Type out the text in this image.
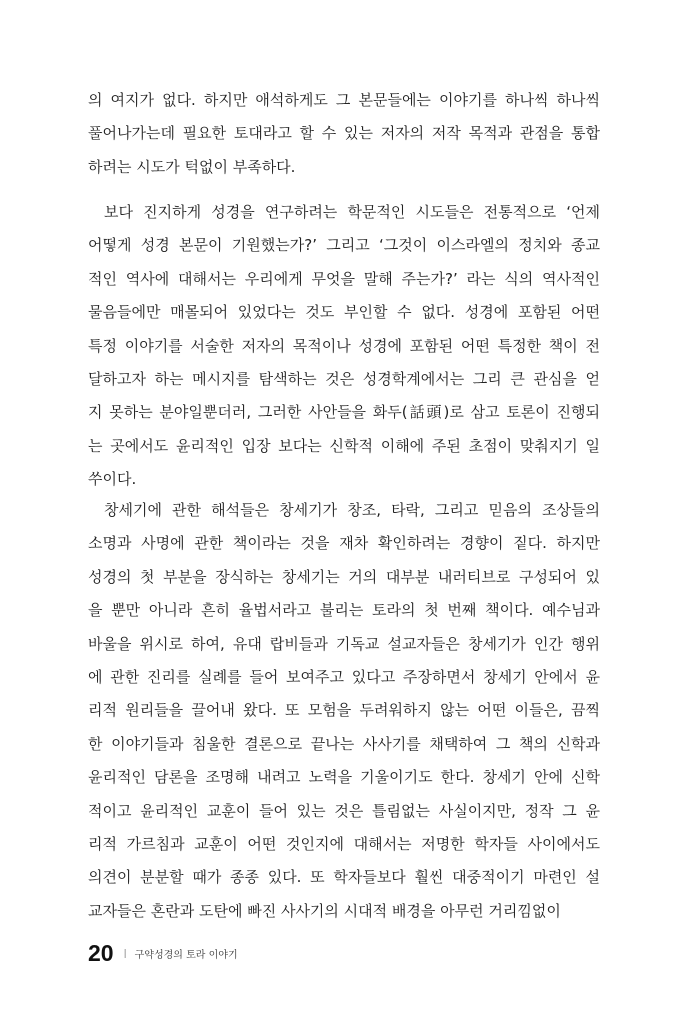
의 여지가 없다. 하지만 애석하게도 그 본문들에는 이야기를 하나씩 하나씩
풀어나가는데 필요한 토대라고 할 수 있는 저자의 저작 목적과 관점을 통합
하려는 시도가 턱없이 부족하다.
보다 진지하게 성경을 연구하려는 학문적인 시도들은 전통적으로 ‘언제
어떻게 성경 본문이 기원했는가?’ 그리고 ‘그것이 이스라엘의 정치와 종교
적인 역사에 대해서는 우리에게 무엇을 말해 주는가?’ 라는 식의 역사적인
물음들에만 매몰되어 있었다는 것도 부인할 수 없다. 성경에 포함된 어떤
특정 이야기를 서술한 저자의 목적이나 성경에 포함된 어떤 특정한 책이 전
달하고자 하는 메시지를 탐색하는 것은 성경학계에서는 그리 큰 관심을 얻
지 못하는 분야일뿐더러, 그러한 사안들을 화두(話頭)로 삼고 토론이 진행되
는 곳에서도 윤리적인 입장 보다는 신학적 이해에 주된 초점이 맞춰지기 일
쑤이다.
창세기에 관한 해석들은 창세기가 창조, 타락, 그리고 믿음의 조상들의
소명과 사명에 관한 책이라는 것을 재차 확인하려는 경향이 짙다. 하지만
성경의 첫 부분을 장식하는 창세기는 거의 대부분 내러티브로 구성되어 있
을 뿐만 아니라 흔히 율법서라고 불리는 토라의 첫 번째 책이다. 예수님과
바울을 위시로 하여, 유대 랍비들과 기독교 설교자들은 창세기가 인간 행위
에 관한 진리를 실례를 들어 보여주고 있다고 주장하면서 창세기 안에서 윤
리적 원리들을 끌어내 왔다. 또 모험을 두려워하지 않는 어떤 이들은, 끔찍
한 이야기들과 침울한 결론으로 끝나는 사사기를 채택하여 그 책의 신학과
윤리적인 담론을 조명해 내려고 노력을 기울이기도 한다. 창세기 안에 신학
적이고 윤리적인 교훈이 들어 있는 것은 틀림없는 사실이지만, 정작 그 윤
리적 가르침과 교훈이 어떤 것인지에 대해서는 저명한 학자들 사이에서도
의견이 분분할 때가 종종 있다. 또 학자들보다 훨씬 대중적이기 마련인 설
교자들은 혼란과 도탄에 빠진 사사기의 시대적 배경을 아무런 거리낌없이
20 | 구약성경의 토라 이야기
